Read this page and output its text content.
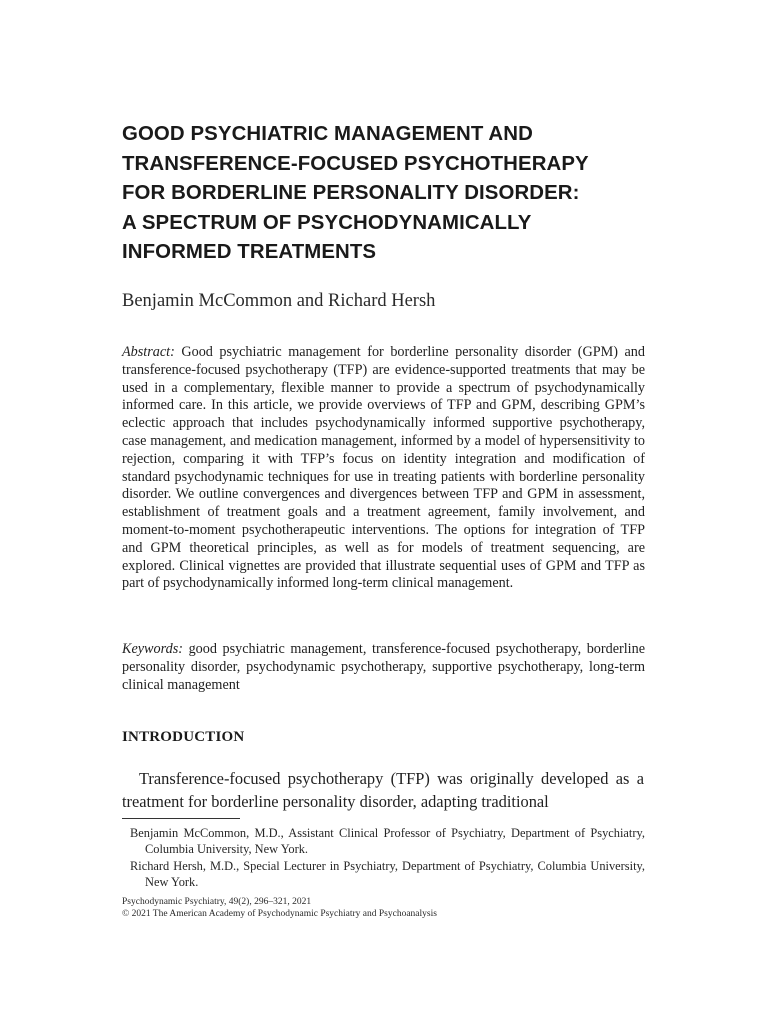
GOOD PSYCHIATRIC MANAGEMENT AND
TRANSFERENCE-FOCUSED PSYCHOTHERAPY
FOR BORDERLINE PERSONALITY DISORDER:
A SPECTRUM OF PSYCHODYNAMICALLY
INFORMED TREATMENTS
Benjamin McCommon and Richard Hersh
Abstract: Good psychiatric management for borderline personality disorder (GPM) and transference-focused psychotherapy (TFP) are evidence-supported treatments that may be used in a complementary, flexible manner to provide a spectrum of psychodynamically informed care. In this article, we provide overviews of TFP and GPM, describing GPM’s eclectic approach that includes psychodynamically informed supportive psychotherapy, case management, and medication management, informed by a model of hypersensitivity to rejection, comparing it with TFP’s focus on identity integration and modification of standard psychodynamic techniques for use in treating patients with borderline personality disorder. We outline convergences and divergences between TFP and GPM in assessment, establishment of treatment goals and a treatment agreement, family involvement, and moment-to-moment psychotherapeutic interventions. The options for integration of TFP and GPM theoretical principles, as well as for models of treatment sequencing, are explored. Clinical vignettes are provided that illustrate sequential uses of GPM and TFP as part of psychodynamically informed long-term clinical management.
Keywords: good psychiatric management, transference-focused psychotherapy, borderline personality disorder, psychodynamic psychotherapy, supportive psychotherapy, long-term clinical management
INTRODUCTION
Transference-focused psychotherapy (TFP) was originally developed as a treatment for borderline personality disorder, adapting traditional
Benjamin McCommon, M.D., Assistant Clinical Professor of Psychiatry, Department of Psychiatry, Columbia University, New York.
Richard Hersh, M.D., Special Lecturer in Psychiatry, Department of Psychiatry, Columbia University, New York.
Psychodynamic Psychiatry, 49(2), 296–321, 2021
© 2021 The American Academy of Psychodynamic Psychiatry and Psychoanalysis
